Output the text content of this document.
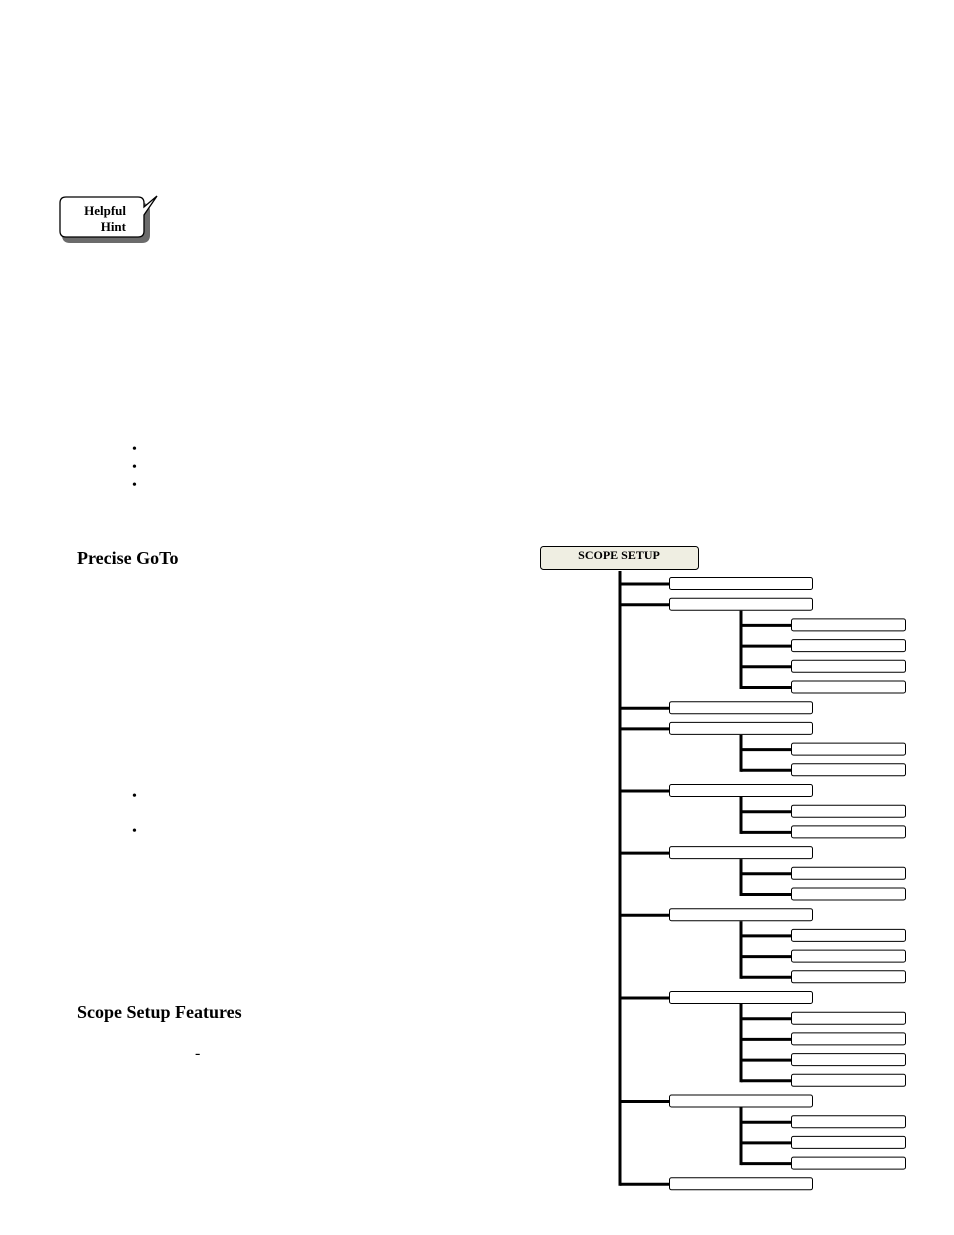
Helpful
Hint
•
•
•
Precise GoTo
•
•
Scope Setup Features
-
SCOPE SETUP
